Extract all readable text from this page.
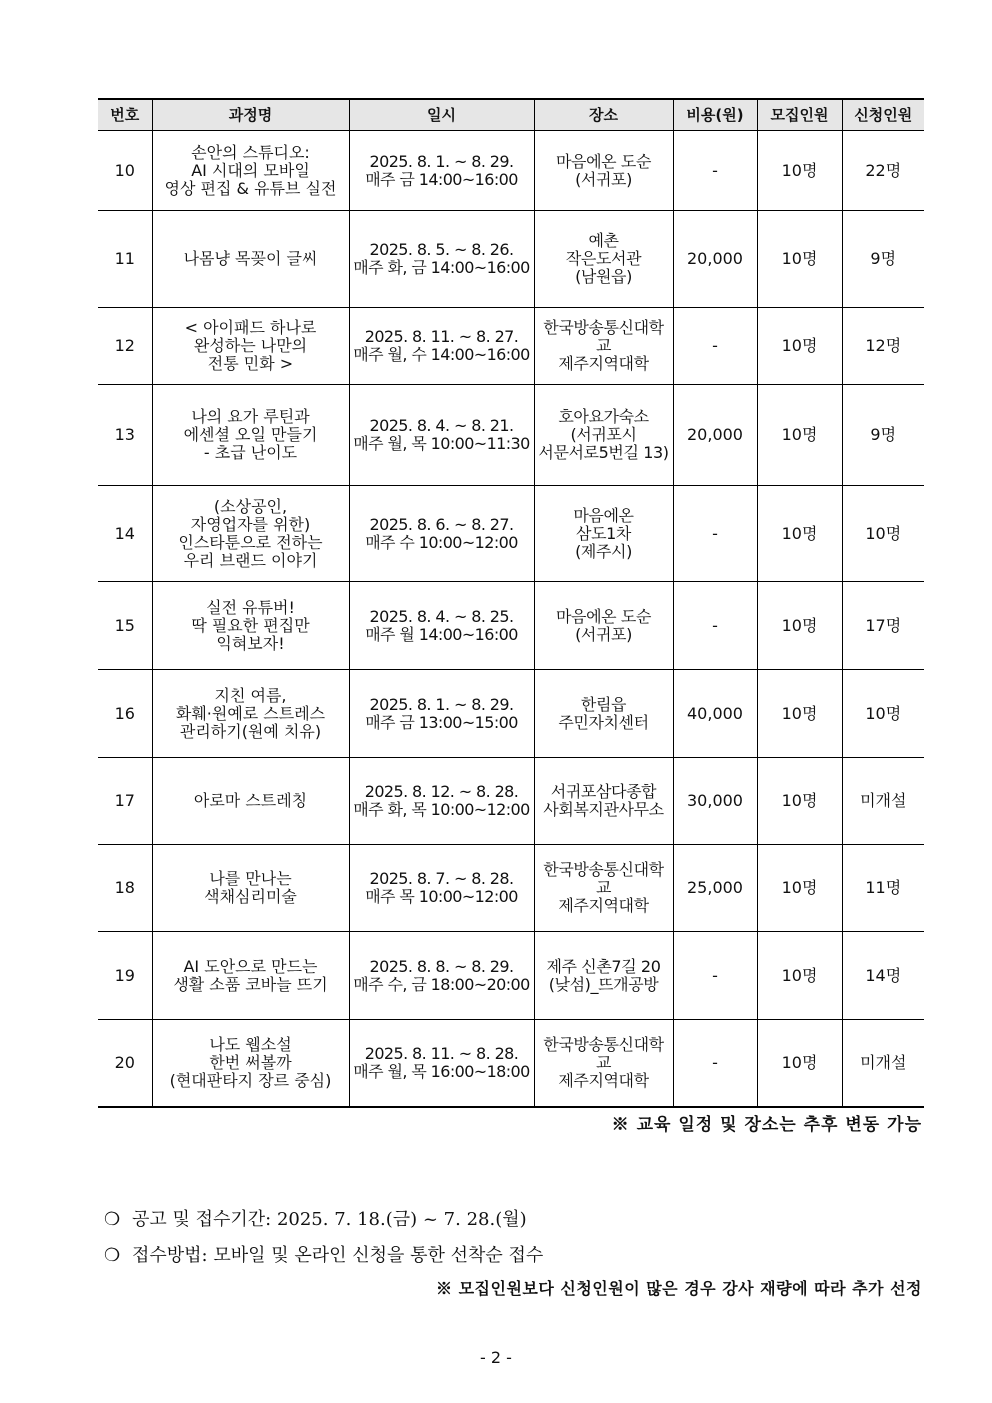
번호	과정명	일시	장소	비용(원)	모집인원	신청인원
10	손안의 스튜디오:
AI 시대의 모바일
영상 편집 & 유튜브 실전	2025. 8. 1. ~ 8. 29.
매주 금 14:00~16:00	마음에온 도순
(서귀포)	-	10명	22명
11	나몸냥 목꽂이 글씨	2025. 8. 5. ~ 8. 26.
매주 화, 금 14:00~16:00	예촌
작은도서관
(남원읍)	20,000	10명	9명
12	< 아이패드 하나로
완성하는 나만의
전통 민화 >	2025. 8. 11. ~ 8. 27.
매주 월, 수 14:00~16:00	한국방송통신대학교
제주지역대학	-	10명	12명
13	나의 요가 루틴과
에센셜 오일 만들기
- 초급 난이도	2025. 8. 4. ~ 8. 21.
매주 월, 목 10:00~11:30	호아요가숙소
(서귀포시
서문서로5번길 13)	20,000	10명	9명
14	(소상공인,
자영업자를 위한)
인스타툰으로 전하는
우리 브랜드 이야기	2025. 8. 6. ~ 8. 27.
매주 수 10:00~12:00	마음에온
삼도1차
(제주시)	-	10명	10명
15	실전 유튜버!
딱 필요한 편집만
익혀보자!	2025. 8. 4. ~ 8. 25.
매주 월 14:00~16:00	마음에온 도순
(서귀포)	-	10명	17명
16	지친 여름,
화훼·원예로 스트레스
관리하기(원예 치유)	2025. 8. 1. ~ 8. 29.
매주 금 13:00~15:00	한림읍
주민자치센터	40,000	10명	10명
17	아로마 스트레칭	2025. 8. 12. ~ 8. 28.
매주 화, 목 10:00~12:00	서귀포삼다종합
사회복지관사무소	30,000	10명	미개설
18	나를 만나는
색채심리미술	2025. 8. 7. ~ 8. 28.
매주 목 10:00~12:00	한국방송통신대학교
제주지역대학	25,000	10명	11명
19	AI 도안으로 만드는
생활 소품 코바늘 뜨기	2025. 8. 8. ~ 8. 29.
매주 수, 금 18:00~20:00	제주 신촌7길 20
(낮섬)_뜨개공방	-	10명	14명
20	나도 웹소설
한번 써볼까
(현대판타지 장르 중심)	2025. 8. 11. ~ 8. 28.
매주 월, 목 16:00~18:00	한국방송통신대학교
제주지역대학	-	10명	미개설
※ 교육 일정 및 장소는 추후 변동 가능
❍ 공고 및 접수기간: 2025. 7. 18.(금) ~ 7. 28.(월)
❍ 접수방법: 모바일 및 온라인 신청을 통한 선착순 접수
※ 모집인원보다 신청인원이 많은 경우 강사 재량에 따라 추가 선정
- 2 -
